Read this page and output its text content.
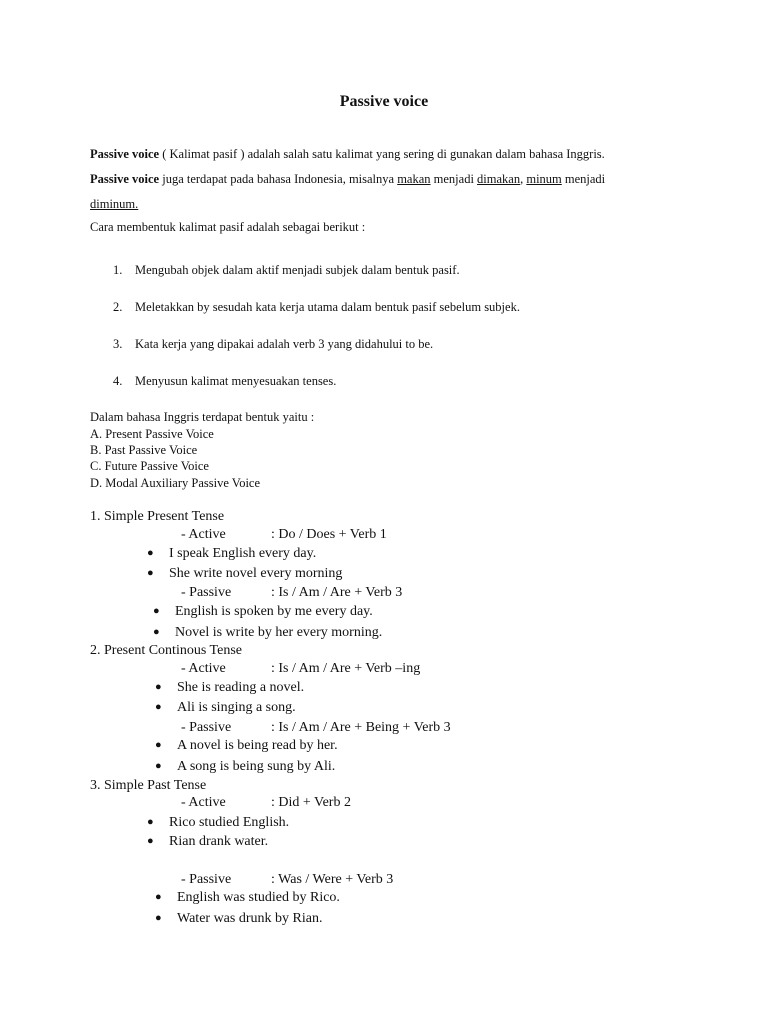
Passive voice
Passive voice ( Kalimat pasif ) adalah salah satu kalimat yang sering di gunakan dalam bahasa Inggris.
Passive voice juga terdapat pada bahasa Indonesia, misalnya makan menjadi dimakan, minum menjadi
diminum.
Cara membentuk kalimat pasif adalah sebagai berikut :
1. Mengubah objek dalam aktif menjadi subjek dalam bentuk pasif.
2. Meletakkan by sesudah kata kerja utama dalam bentuk pasif sebelum subjek.
3. Kata kerja yang dipakai adalah verb 3 yang didahului to be.
4. Menyusun kalimat menyesuakan tenses.
Dalam bahasa Inggris terdapat bentuk yaitu :
A. Present Passive Voice
B. Past Passive Voice
C. Future Passive Voice
D. Modal Auxiliary Passive Voice
1. Simple Present Tense
- Active	: Do / Does + Verb 1
● I speak English every day.
● She write novel every morning
- Passive	: Is / Am / Are + Verb 3
● English is spoken by me every day.
● Novel is write by her every morning.
2. Present Continous Tense
- Active	: Is / Am / Are + Verb –ing
● She is reading a novel.
● Ali is singing a song.
- Passive	: Is / Am / Are + Being + Verb 3
● A novel is being read by her.
● A song is being sung by Ali.
3. Simple Past Tense
- Active	: Did + Verb 2
● Rico studied English.
● Rian drank water.
- Passive	: Was / Were + Verb 3
● English was studied by Rico.
● Water was drunk by Rian.
